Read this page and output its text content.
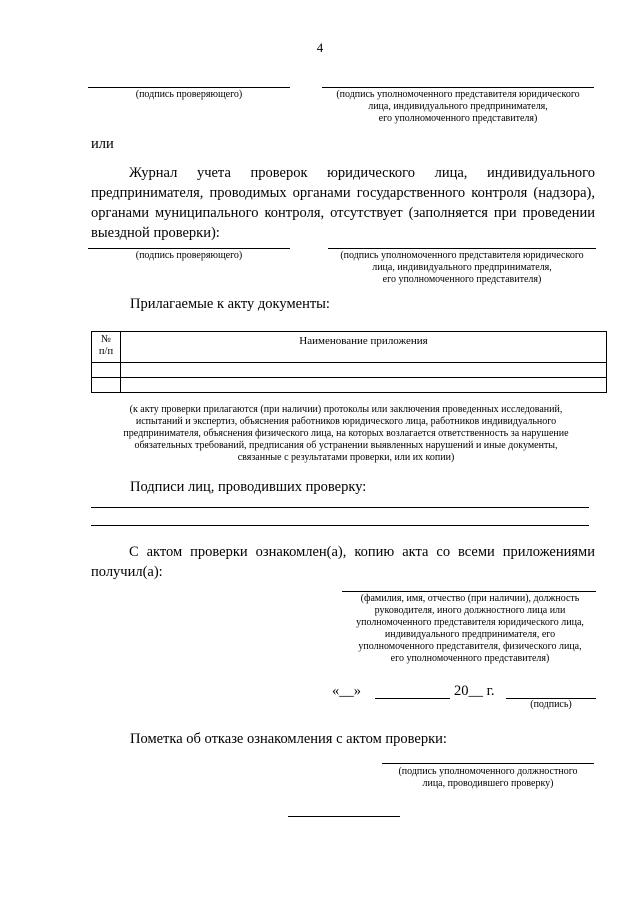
4
(подпись проверяющего)	(подпись уполномоченного представителя юридического
лица, индивидуального предпринимателя,
его уполномоченного представителя)
или
Журнал учета проверок юридического лица, индивидуального предпринимателя, проводимых органами государственного контроля (надзора), органами муниципального контроля, отсутствует (заполняется при проведении выездной проверки):
(подпись проверяющего)	(подпись уполномоченного представителя юридического
лица, индивидуального предпринимателя,
его уполномоченного представителя)
Прилагаемые к акту документы:
№
п/п	Наименование приложения

(к акту проверки прилагаются (при наличии) протоколы или заключения проведенных исследований,
испытаний и экспертиз, объяснения работников юридического лица, работников индивидуального
предпринимателя, объяснения физического лица, на которых возлагается ответственность за нарушение
обязательных требований, предписания об устранении выявленных нарушений и иные документы,
связанные с результатами проверки, или их копии)
Подписи лиц, проводивших проверку:
С актом проверки ознакомлен(а), копию акта со всеми приложениями получил(а):
(фамилия, имя, отчество (при наличии), должность
руководителя, иного должностного лица или
уполномоченного представителя юридического лица,
индивидуального предпринимателя, его
уполномоченного представителя, физического лица,
его уполномоченного представителя)
«__»	20__ г.
(подпись)
Пометка об отказе ознакомления с актом проверки:
(подпись уполномоченного должностного
лица, проводившего проверку)
